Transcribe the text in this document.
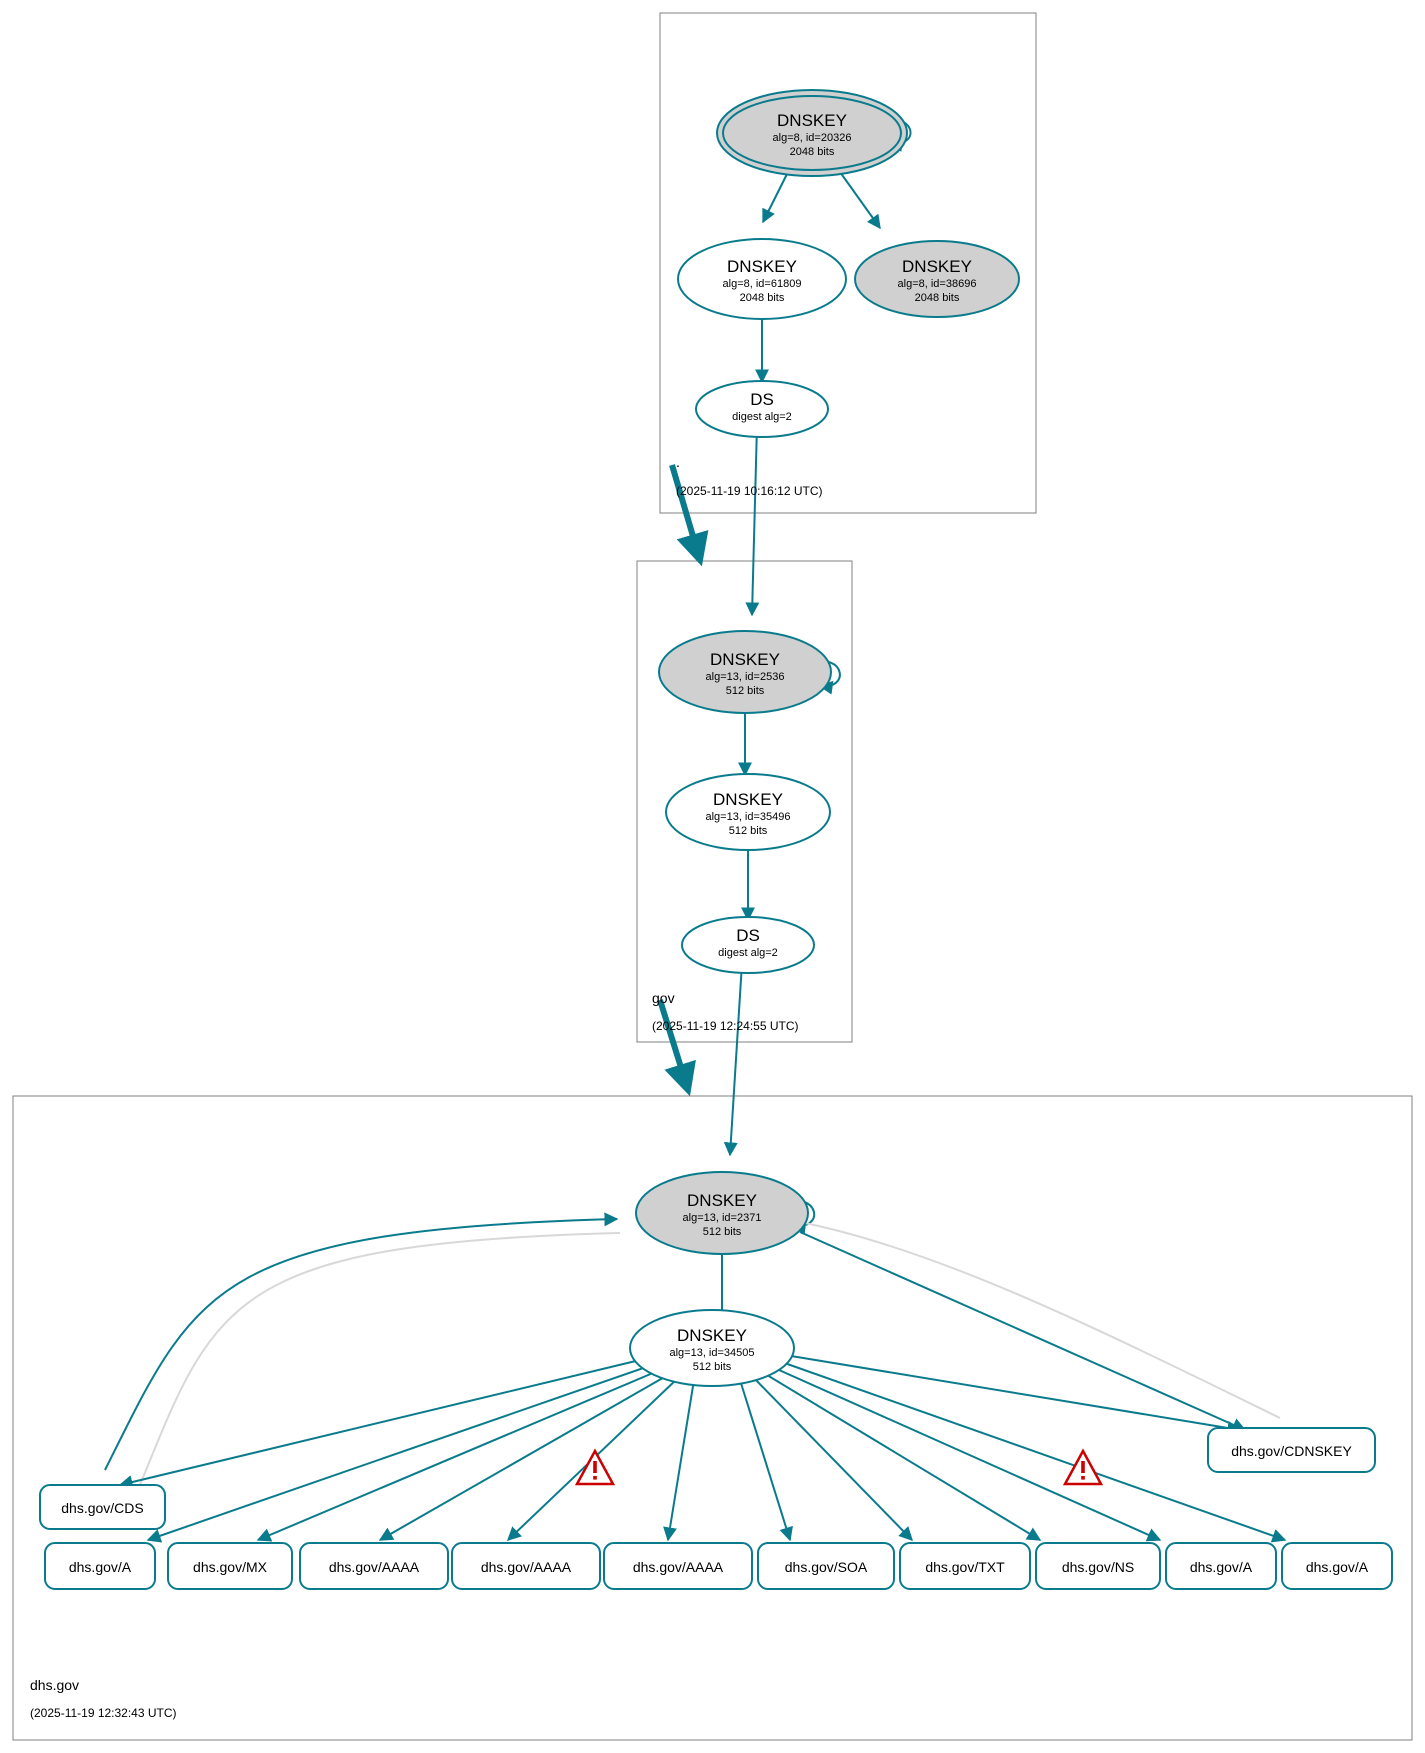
DNSKEY
alg=8, id=20326
2048 bits
DNSKEY
alg=8, id=61809
2048 bits
DNSKEY
alg=8, id=38696
2048 bits
DS
digest alg=2
.
(2025-11-19 10:16:12 UTC)
DNSKEY
alg=13, id=2536
512 bits
DNSKEY
alg=13, id=35496
512 bits
DS
digest alg=2
gov
(2025-11-19 12:24:55 UTC)
DNSKEY
alg=13, id=2371
512 bits
DNSKEY
alg=13, id=34505
512 bits
dhs.gov/CDS
dhs.gov/CDNSKEY
dhs.gov/A	dhs.gov/MX	dhs.gov/AAAA	dhs.gov/AAAA	dhs.gov/AAAA	dhs.gov/SOA	dhs.gov/TXT	dhs.gov/NS	dhs.gov/A	dhs.gov/A
dhs.gov
(2025-11-19 12:32:43 UTC)
